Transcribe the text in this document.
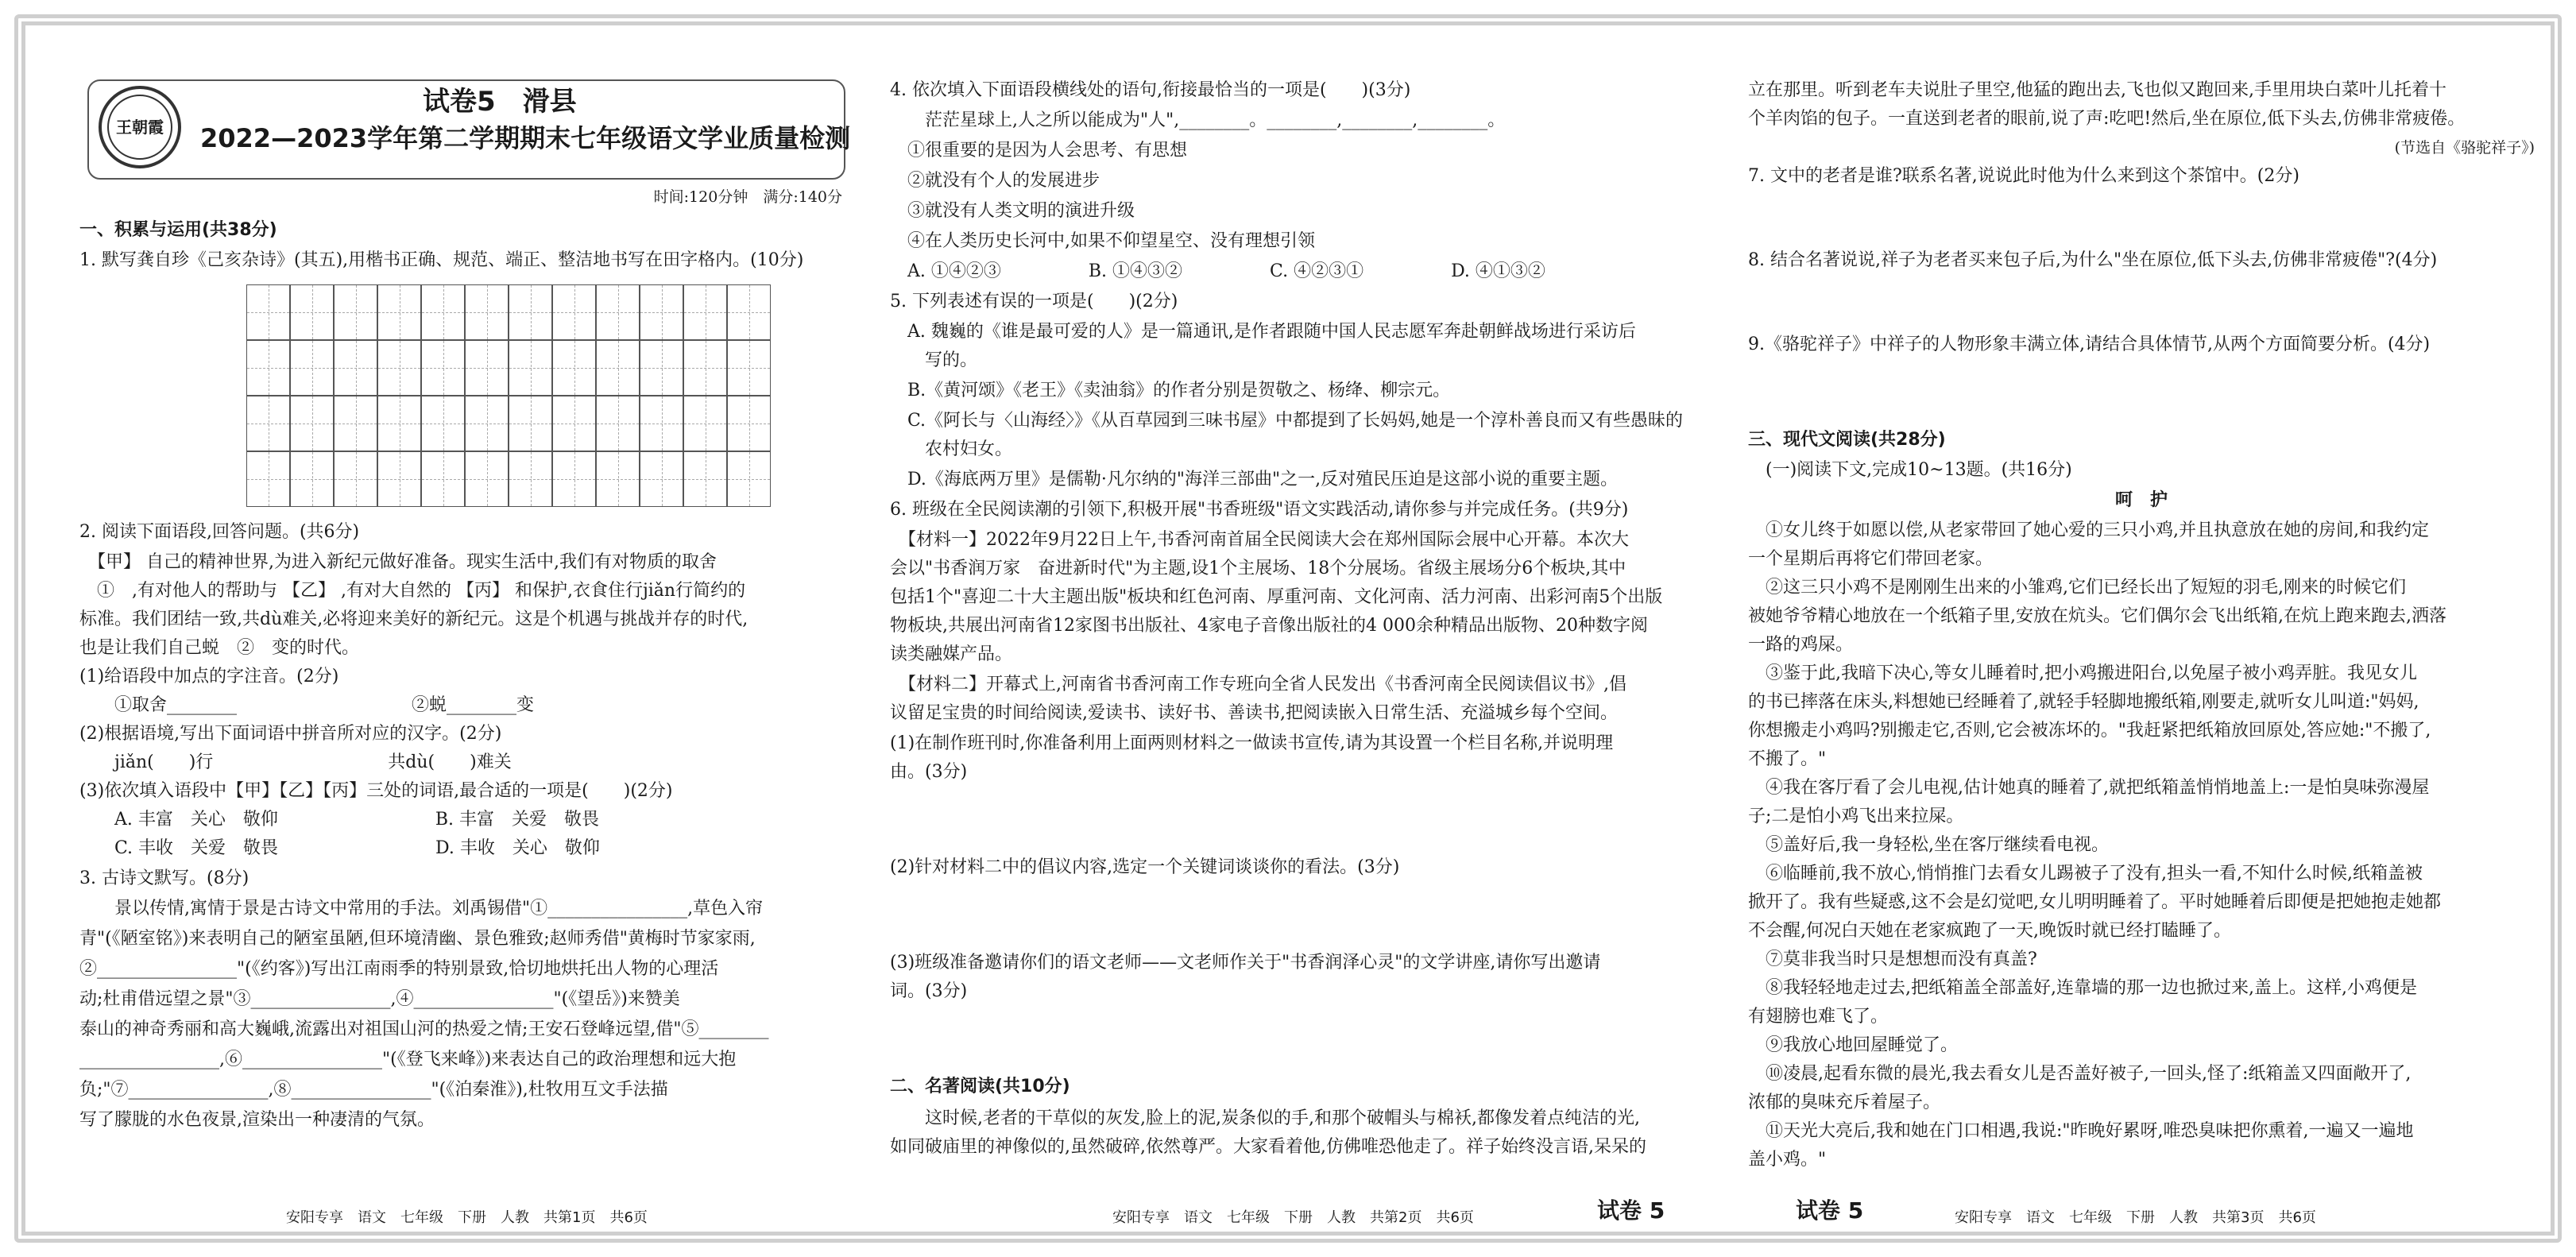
王朝霞
试卷5　滑县
2022—2023学年第二学期期末七年级语文学业质量检测
时间:120分钟　满分:140分
一、积累与运用(共38分)
1. 默写龚自珍《己亥杂诗》(其五),用楷书正确、规范、端正、整洁地书写在田字格内。(10分)
2. 阅读下面语段,回答问题。(共6分)
　【甲】 自己的精神世界,为进入新纪元做好准备。现实生活中,我们有对物质的取舍
　①　,有对他人的帮助与 【乙】 ,有对大自然的 【丙】 和保护,衣食住行jiǎn行简约的
标准。我们团结一致,共dù难关,必将迎来美好的新纪元。这是个机遇与挑战并存的时代,
也是让我们自己蜕　②　变的时代。
(1)给语段中加点的字注音。(2分)
　　①取舍________　　　　　　　　　　②蜕________变
(2)根据语境,写出下面词语中拼音所对应的汉字。(2分)
　　jiǎn(　　)行　　　　　　　　　　共dù(　　)难关
(3)依次填入语段中【甲】【乙】【丙】三处的词语,最合适的一项是(　　)(2分)
　　A. 丰富　关心　敬仰　　　　　　　　　B. 丰富　关爱　敬畏
　　C. 丰收　关爱　敬畏　　　　　　　　　D. 丰收　关心　敬仰
3. 古诗文默写。(8分)
　　景以传情,寓情于景是古诗文中常用的手法。刘禹锡借"①________________,草色入帘
青"(《陋室铭》)来表明自己的陋室虽陋,但环境清幽、景色雅致;赵师秀借"黄梅时节家家雨,
②________________"(《约客》)写出江南雨季的特别景致,恰切地烘托出人物的心理活
动;杜甫借远望之景"③________________,④________________"(《望岳》)来赞美
泰山的神奇秀丽和高大巍峨,流露出对祖国山河的热爱之情;王安石登峰远望,借"⑤________
________________,⑥________________"(《登飞来峰》)来表达自己的政治理想和远大抱
负;"⑦________________,⑧________________"(《泊秦淮》),杜牧用互文手法描
写了朦胧的水色夜景,渲染出一种凄清的气氛。
安阳专享　语文　七年级　下册　人教　共第1页　共6页
4. 依次填入下面语段横线处的语句,衔接最恰当的一项是(　　)(3分)
　　茫茫星球上,人之所以能成为"人",________。________,________,________。
　①很重要的是因为人会思考、有思想
　②就没有个人的发展进步
　③就没有人类文明的演进升级
　④在人类历史长河中,如果不仰望星空、没有理想引领
　A. ①④②③　　　　　B. ①④③②　　　　　C. ④②③①　　　　　D. ④①③②
5. 下列表述有误的一项是(　　)(2分)
　A. 魏巍的《谁是最可爱的人》是一篇通讯,是作者跟随中国人民志愿军奔赴朝鲜战场进行采访后
　　写的。
　B.《黄河颂》《老王》《卖油翁》的作者分别是贺敬之、杨绛、柳宗元。
　C.《阿长与〈山海经〉》《从百草园到三味书屋》中都提到了长妈妈,她是一个淳朴善良而又有些愚昧的
　　农村妇女。
　D.《海底两万里》是儒勒·凡尔纳的"海洋三部曲"之一,反对殖民压迫是这部小说的重要主题。
6. 班级在全民阅读潮的引领下,积极开展"书香班级"语文实践活动,请你参与并完成任务。(共9分)
　【材料一】2022年9月22日上午,书香河南首届全民阅读大会在郑州国际会展中心开幕。本次大
会以"书香润万家　奋进新时代"为主题,设1个主展场、18个分展场。省级主展场分6个板块,其中
包括1个"喜迎二十大主题出版"板块和红色河南、厚重河南、文化河南、活力河南、出彩河南5个出版
物板块,共展出河南省12家图书出版社、4家电子音像出版社的4 000余种精品出版物、20种数字阅
读类融媒产品。
　【材料二】开幕式上,河南省书香河南工作专班向全省人民发出《书香河南全民阅读倡议书》,倡
议留足宝贵的时间给阅读,爱读书、读好书、善读书,把阅读嵌入日常生活、充溢城乡每个空间。
(1)在制作班刊时,你准备利用上面两则材料之一做读书宣传,请为其设置一个栏目名称,并说明理
由。(3分)
(2)针对材料二中的倡议内容,选定一个关键词谈谈你的看法。(3分)
(3)班级准备邀请你们的语文老师——文老师作关于"书香润泽心灵"的文学讲座,请你写出邀请
词。(3分)
二、名著阅读(共10分)
　　这时候,老者的干草似的灰发,脸上的泥,炭条似的手,和那个破帽头与棉袄,都像发着点纯洁的光,
如同破庙里的神像似的,虽然破碎,依然尊严。大家看着他,仿佛唯恐他走了。祥子始终没言语,呆呆的
安阳专享　语文　七年级　下册　人教　共第2页　共6页	试卷 5
立在那里。听到老车夫说肚子里空,他猛的跑出去,飞也似又跑回来,手里用块白菜叶儿托着十
个羊肉馅的包子。一直送到老者的眼前,说了声:吃吧!然后,坐在原位,低下头去,仿佛非常疲倦。
(节选自《骆驼祥子》)
7. 文中的老者是谁?联系名著,说说此时他为什么来到这个茶馆中。(2分)
8. 结合名著说说,祥子为老者买来包子后,为什么"坐在原位,低下头去,仿佛非常疲倦"?(4分)
9.《骆驼祥子》中祥子的人物形象丰满立体,请结合具体情节,从两个方面简要分析。(4分)
三、现代文阅读(共28分)
　(一)阅读下文,完成10~13题。(共16分)
呵　护
　①女儿终于如愿以偿,从老家带回了她心爱的三只小鸡,并且执意放在她的房间,和我约定
一个星期后再将它们带回老家。
　②这三只小鸡不是刚刚生出来的小雏鸡,它们已经长出了短短的羽毛,刚来的时候它们
被她爷爷精心地放在一个纸箱子里,安放在炕头。它们偶尔会飞出纸箱,在炕上跑来跑去,洒落
一路的鸡屎。
　③鉴于此,我暗下决心,等女儿睡着时,把小鸡搬进阳台,以免屋子被小鸡弄脏。我见女儿
的书已摔落在床头,料想她已经睡着了,就轻手轻脚地搬纸箱,刚要走,就听女儿叫道:"妈妈,
你想搬走小鸡吗?别搬走它,否则,它会被冻坏的。"我赶紧把纸箱放回原处,答应她:"不搬了,
不搬了。"
　④我在客厅看了会儿电视,估计她真的睡着了,就把纸箱盖悄悄地盖上:一是怕臭味弥漫屋
子;二是怕小鸡飞出来拉屎。
　⑤盖好后,我一身轻松,坐在客厅继续看电视。
　⑥临睡前,我不放心,悄悄推门去看女儿踢被子了没有,担头一看,不知什么时候,纸箱盖被
掀开了。我有些疑惑,这不会是幻觉吧,女儿明明睡着了。平时她睡着后即便是把她抱走她都
不会醒,何况白天她在老家疯跑了一天,晚饭时就已经打瞌睡了。
　⑦莫非我当时只是想想而没有真盖?
　⑧我轻轻地走过去,把纸箱盖全部盖好,连靠墙的那一边也掀过来,盖上。这样,小鸡便是
有翅膀也难飞了。
　⑨我放心地回屋睡觉了。
　⑩凌晨,起看东微的晨光,我去看女儿是否盖好被子,一回头,怪了:纸箱盖又四面敞开了,
浓郁的臭味充斥着屋子。
　⑪天光大亮后,我和她在门口相遇,我说:"昨晚好累呀,唯恐臭味把你熏着,一遍又一遍地
盖小鸡。"
试卷 5	安阳专享　语文　七年级　下册　人教　共第3页　共6页
